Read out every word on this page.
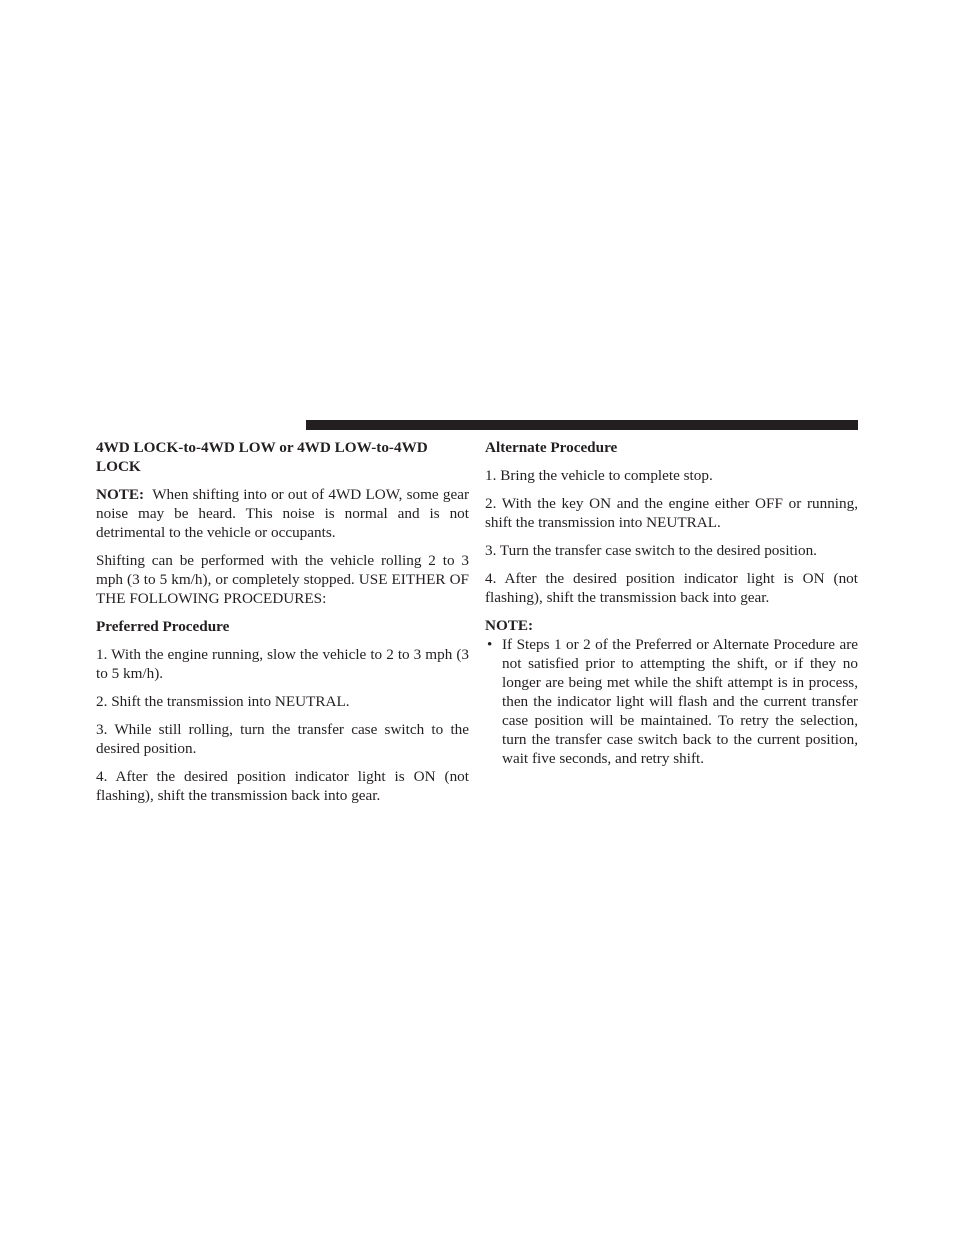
4WD LOCK-to-4WD LOW or 4WD LOW-to-4WD LOCK

NOTE: When shifting into or out of 4WD LOW, some gear noise may be heard. This noise is normal and is not detrimental to the vehicle or occupants.

Shifting can be performed with the vehicle rolling 2 to 3 mph (3 to 5 km/h), or completely stopped. USE EITHER OF THE FOLLOWING PROCEDURES:

Preferred Procedure

1. With the engine running, slow the vehicle to 2 to 3 mph (3 to 5 km/h).

2. Shift the transmission into NEUTRAL.

3. While still rolling, turn the transfer case switch to the desired position.

4. After the desired position indicator light is ON (not flashing), shift the transmission back into gear.

Alternate Procedure

1. Bring the vehicle to complete stop.

2. With the key ON and the engine either OFF or running, shift the transmission into NEUTRAL.

3. Turn the transfer case switch to the desired position.

4. After the desired position indicator light is ON (not flashing), shift the transmission back into gear.

NOTE:

• If Steps 1 or 2 of the Preferred or Alternate Procedure are not satisfied prior to attempting the shift, or if they no longer are being met while the shift attempt is in process, then the indicator light will flash and the current transfer case position will be maintained. To retry the selection, turn the transfer case switch back to the current position, wait five seconds, and retry shift.
